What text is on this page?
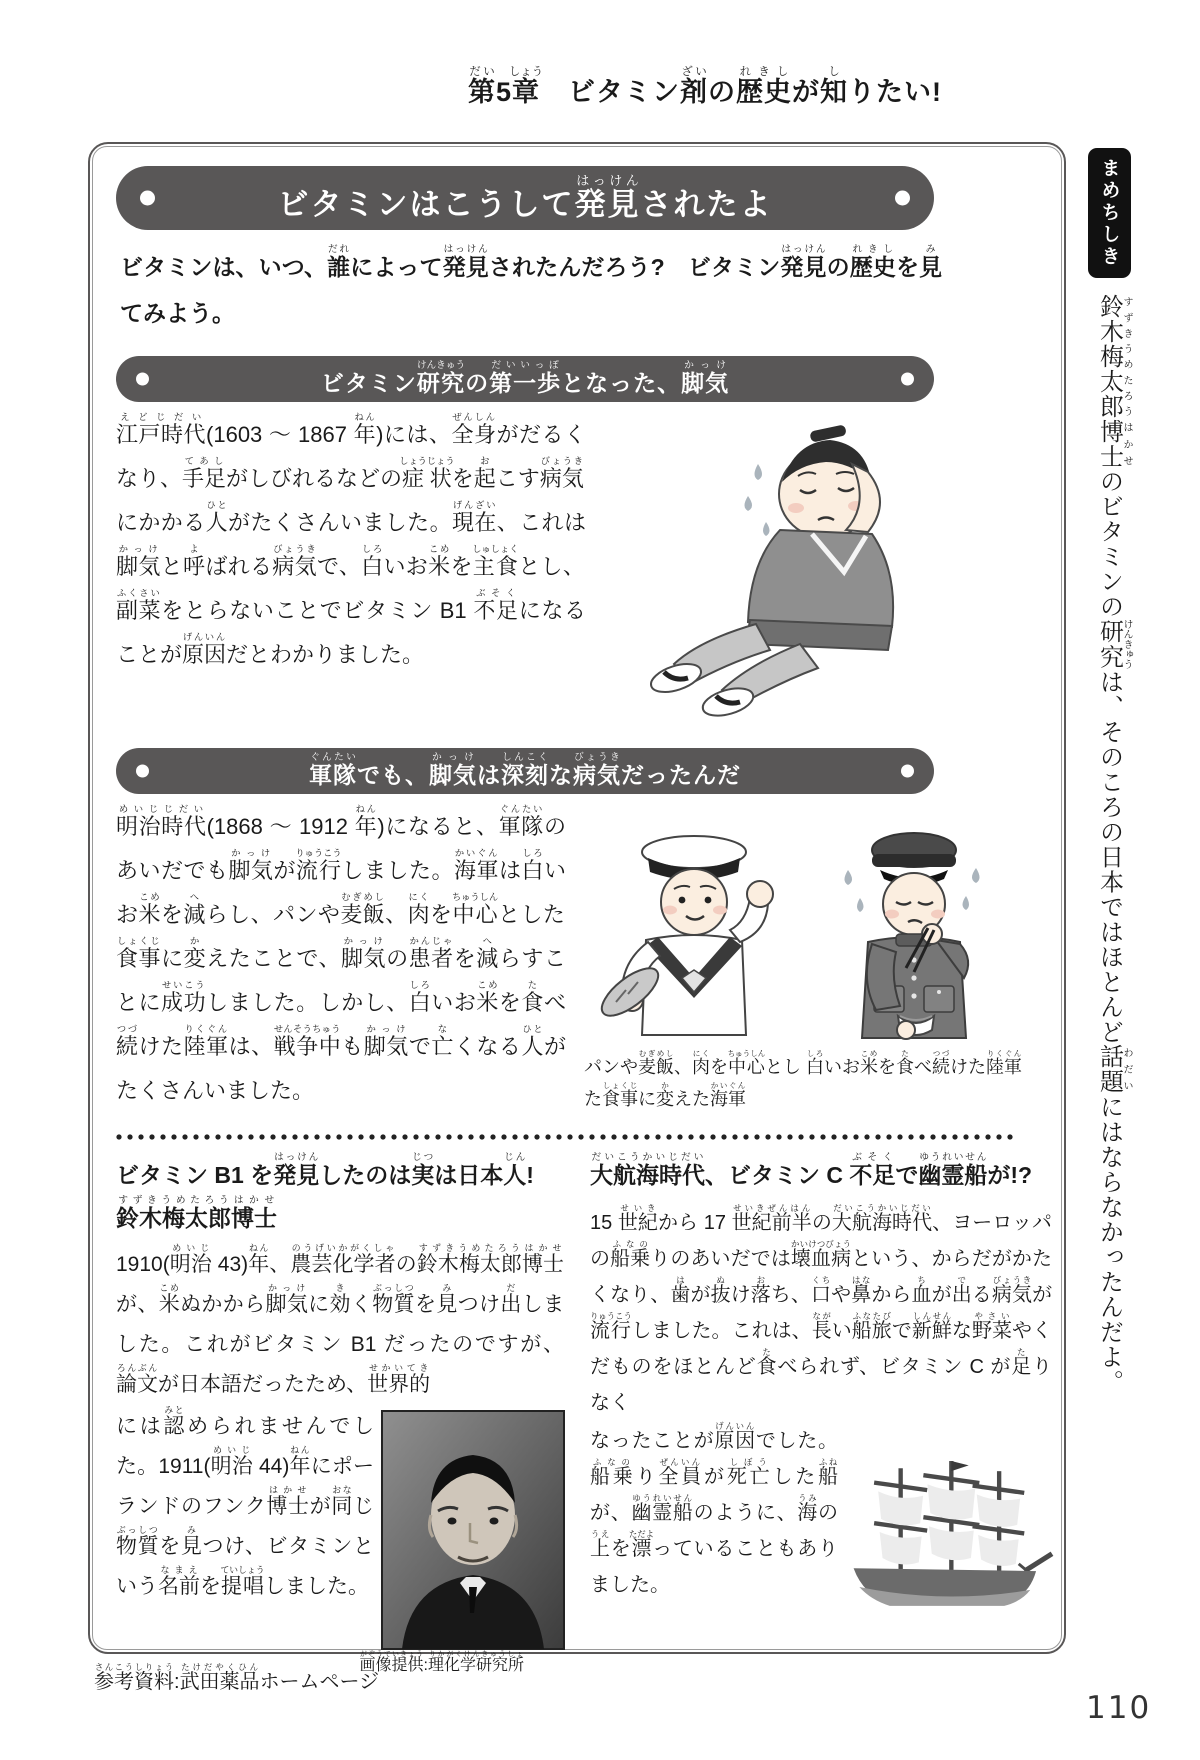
第だい5章しょう　ビタミン剤ざいの歴史れきしが知しりたい!
ビタミンはこうして発見はっけんされたよ
ビタミンは、いつ、誰だれによって発見はっけんされたんだろう?　ビタミン発見はっけんの歴史れきしを見みてみよう。
ビタミン研究けんきゅうの第一歩だいいっぽとなった、脚気かっけ
江戸時代えどじだい(1603 〜 1867 年ねん)には、全身ぜんしんがだるくなり、手足てあしがしびれるなどの症状しょうじょうを起おこす病気びょうきにかかる人ひとがたくさんいました。現在げんざい、これは脚気かっけと呼よばれる病気びょうきで、白しろいお米こめを主食しゅしょくとし、副菜ふくさいをとらないことでビタミン B1 不足ぶそくになることが原因げんいんだとわかりました。
軍隊ぐんたいでも、脚気かっけは深刻しんこくな病気びょうきだったんだ
明治時代めいじじだい(1868 〜 1912 年ねん)になると、軍隊ぐんたいのあいだでも脚気かっけが流行りゅうこうしました。海軍かいぐんは白しろいお米こめを減へらし、パンや麦飯むぎめし、肉にくを中心ちゅうしんとした食事しょくじに変かえたことで、脚気かっけの患者かんじゃを減へらすことに成功せいこうしました。しかし、白しろいお米こめを食たべ続つづけた陸軍りくぐんは、戦争中せんそうちゅうも脚気かっけで亡なくなる人ひとがたくさんいました。
パンや麦飯むぎめし、肉にくを中心ちゅうしんとした食事しょくじに変かえた海軍かいぐん
白しろいお米こめを食たべ続つづけた陸軍りくぐん
ビタミン B1 を発見はっけんしたのは実じつは日本人じん!
鈴木梅太郎すずきうめたろう博士はかせ
1910(明治めいじ 43)年ねん、農芸化学者のうげいかがくしゃの鈴木梅太郎すずきうめたろう博士はかせが、米こめぬかから脚気かっけに効きく物質ぶっしつを見みつけ出だしました。これがビタミン B1 だったのですが、論文ろんぶんが日本語だったため、世界的せかいてき
には認みとめられませんでした。1911(明治めいじ 44)年ねんにポーランドのフンク博士はかせが同おなじ物質ぶっしつを見みつけ、ビタミンという名前なまえを提唱ていしょうしました。
画像提供がぞうていきょう:理化学研究所りかがくけんきゅうしょ
大航海時代だいこうかいじだい、ビタミン C 不足ぶそくで幽霊船ゆうれいせんが!?
15 世紀せいきから 17 世紀前半せいきぜんはんの大航海時代だいこうかいじだい、ヨーロッパの船乗ふなのりのあいだでは壊血病かいけつびょうという、からだがかたくなり、歯はが抜ぬけ落おち、口くちや鼻はなから血ちが出でる病気びょうきが流行りゅうこうしました。これは、長ながい船旅ふなたびで新鮮しんせんな野菜やさいやくだものをほとんど食たべられず、ビタミン C が足たりなく
なったことが原因げんいんでした。船乗ふなのり全員ぜんいんが死亡しぼうした船ふねが、幽霊船ゆうれいせんのように、海うみの上うえを漂ただよっていることもありました。
まめちしき
鈴木梅太郎すずきうめたろう博士はかせのビタミンの研究けんきゅうは、そのころの日本ではほとんど話題わだいにはならなかったんだよ。
参考資料さんこうしりょう:武田薬品たけだやくひんホームページ
110
